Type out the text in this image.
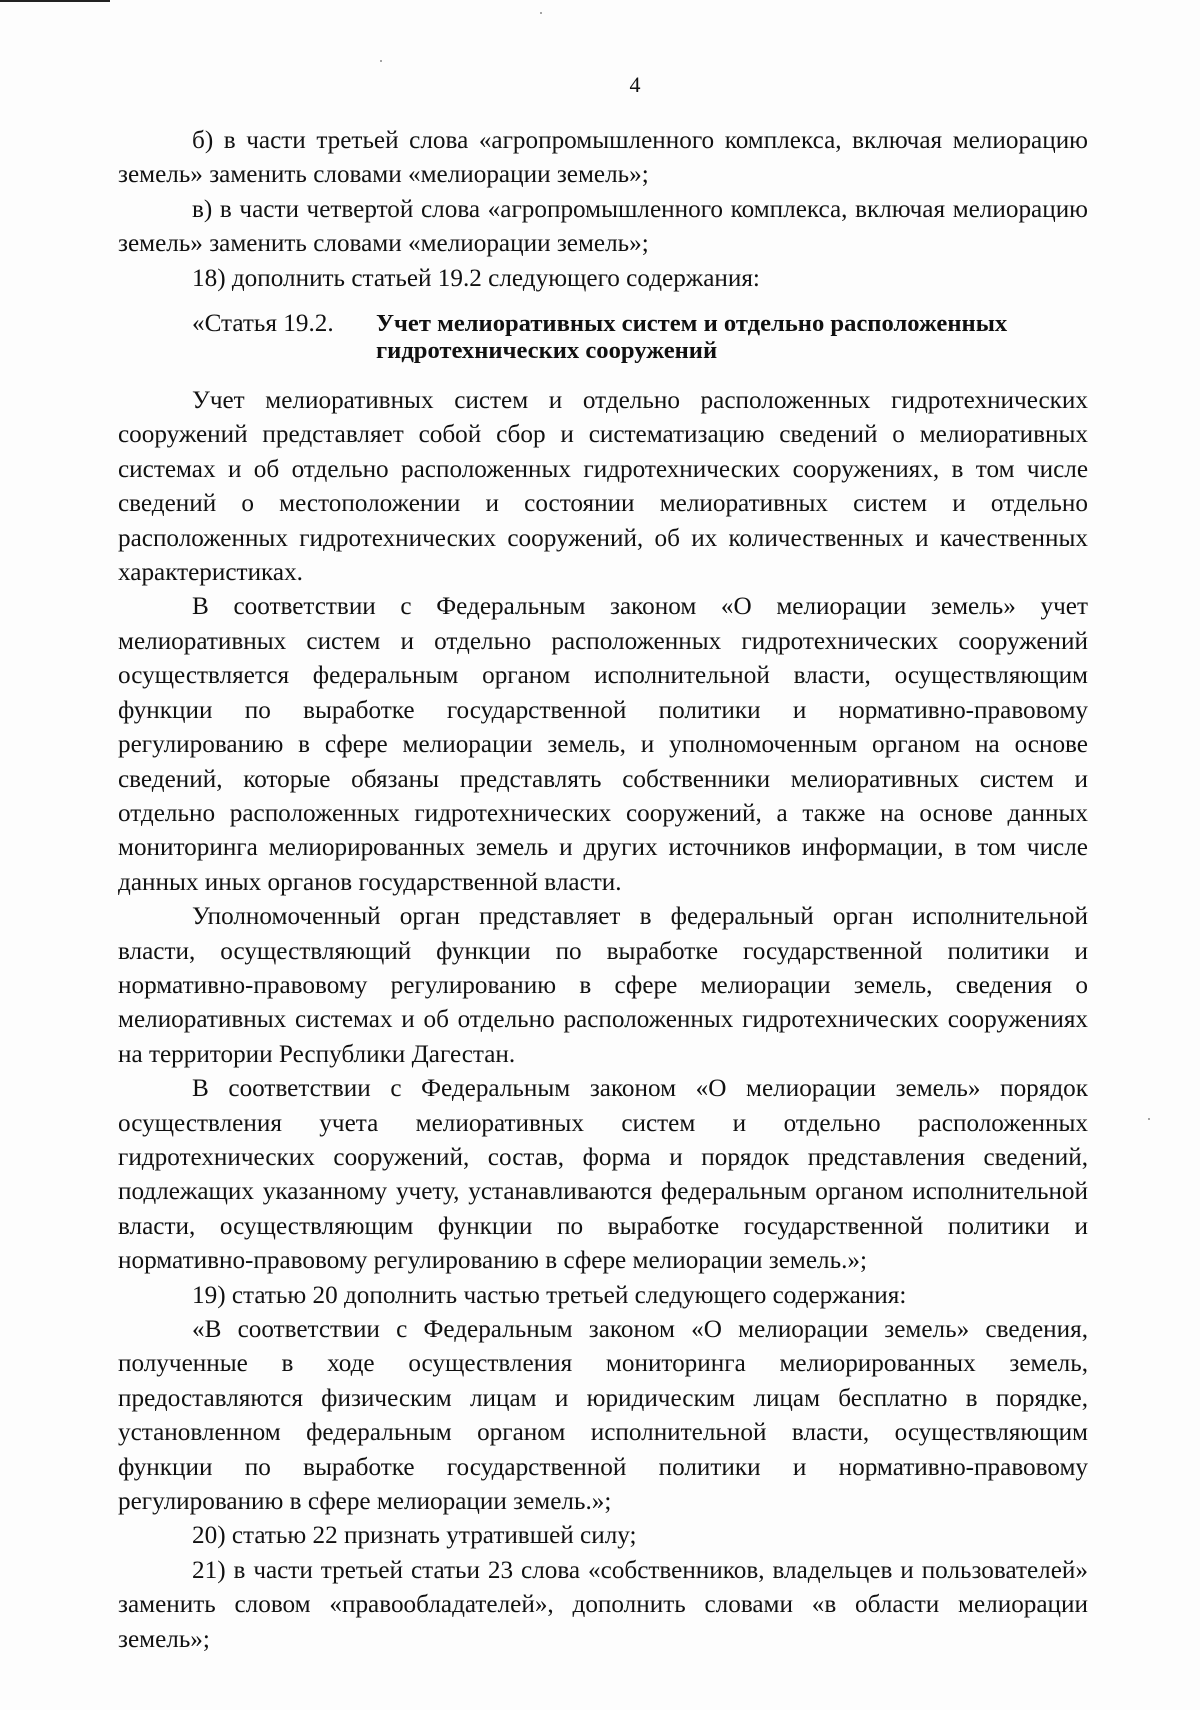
4

б) в части третьей слова «агропромышленного комплекса, включая мелиорацию земель» заменить словами «мелиорации земель»;

в) в части четвертой слова «агропромышленного комплекса, включая мелиорацию земель» заменить словами «мелиорации земель»;

18) дополнить статьей 19.2 следующего содержания:

«Статья 19.2.	Учет мелиоративных систем и отдельно расположенных гидротехнических сооружений

Учет мелиоративных систем и отдельно расположенных гидротехнических сооружений представляет собой сбор и систематизацию сведений о мелиоративных системах и об отдельно расположенных гидротехнических сооружениях, в том числе сведений о местоположении и состоянии мелиоративных систем и отдельно расположенных гидротехнических сооружений, об их количественных и качественных характеристиках.

В соответствии с Федеральным законом «О мелиорации земель» учет мелиоративных систем и отдельно расположенных гидротехнических сооружений осуществляется федеральным органом исполнительной власти, осуществляющим функции по выработке государственной политики и нормативно-правовому регулированию в сфере мелиорации земель, и уполномоченным органом на основе сведений, которые обязаны представлять собственники мелиоративных систем и отдельно расположенных гидротехнических сооружений, а также на основе данных мониторинга мелиорированных земель и других источников информации, в том числе данных иных органов государственной власти.

Уполномоченный орган представляет в федеральный орган исполнительной власти, осуществляющий функции по выработке государственной политики и нормативно-правовому регулированию в сфере мелиорации земель, сведения о мелиоративных системах и об отдельно расположенных гидротехнических сооружениях на территории Республики Дагестан.

В соответствии с Федеральным законом «О мелиорации земель» порядок осуществления учета мелиоративных систем и отдельно расположенных гидротехнических сооружений, состав, форма и порядок представления сведений, подлежащих указанному учету, устанавливаются федеральным органом исполнительной власти, осуществляющим функции по выработке государственной политики и нормативно-правовому регулированию в сфере мелиорации земель.»;

19) статью 20 дополнить частью третьей следующего содержания:

«В соответствии с Федеральным законом «О мелиорации земель» сведения, полученные в ходе осуществления мониторинга мелиорированных земель, предоставляются физическим лицам и юридическим лицам бесплатно в порядке, установленном федеральным органом исполнительной власти, осуществляющим функции по выработке государственной политики и нормативно-правовому регулированию в сфере мелиорации земель.»;

20) статью 22 признать утратившей силу;

21) в части третьей статьи 23 слова «собственников, владельцев и пользователей» заменить словом «правообладателей», дополнить словами «в области мелиорации земель»;
